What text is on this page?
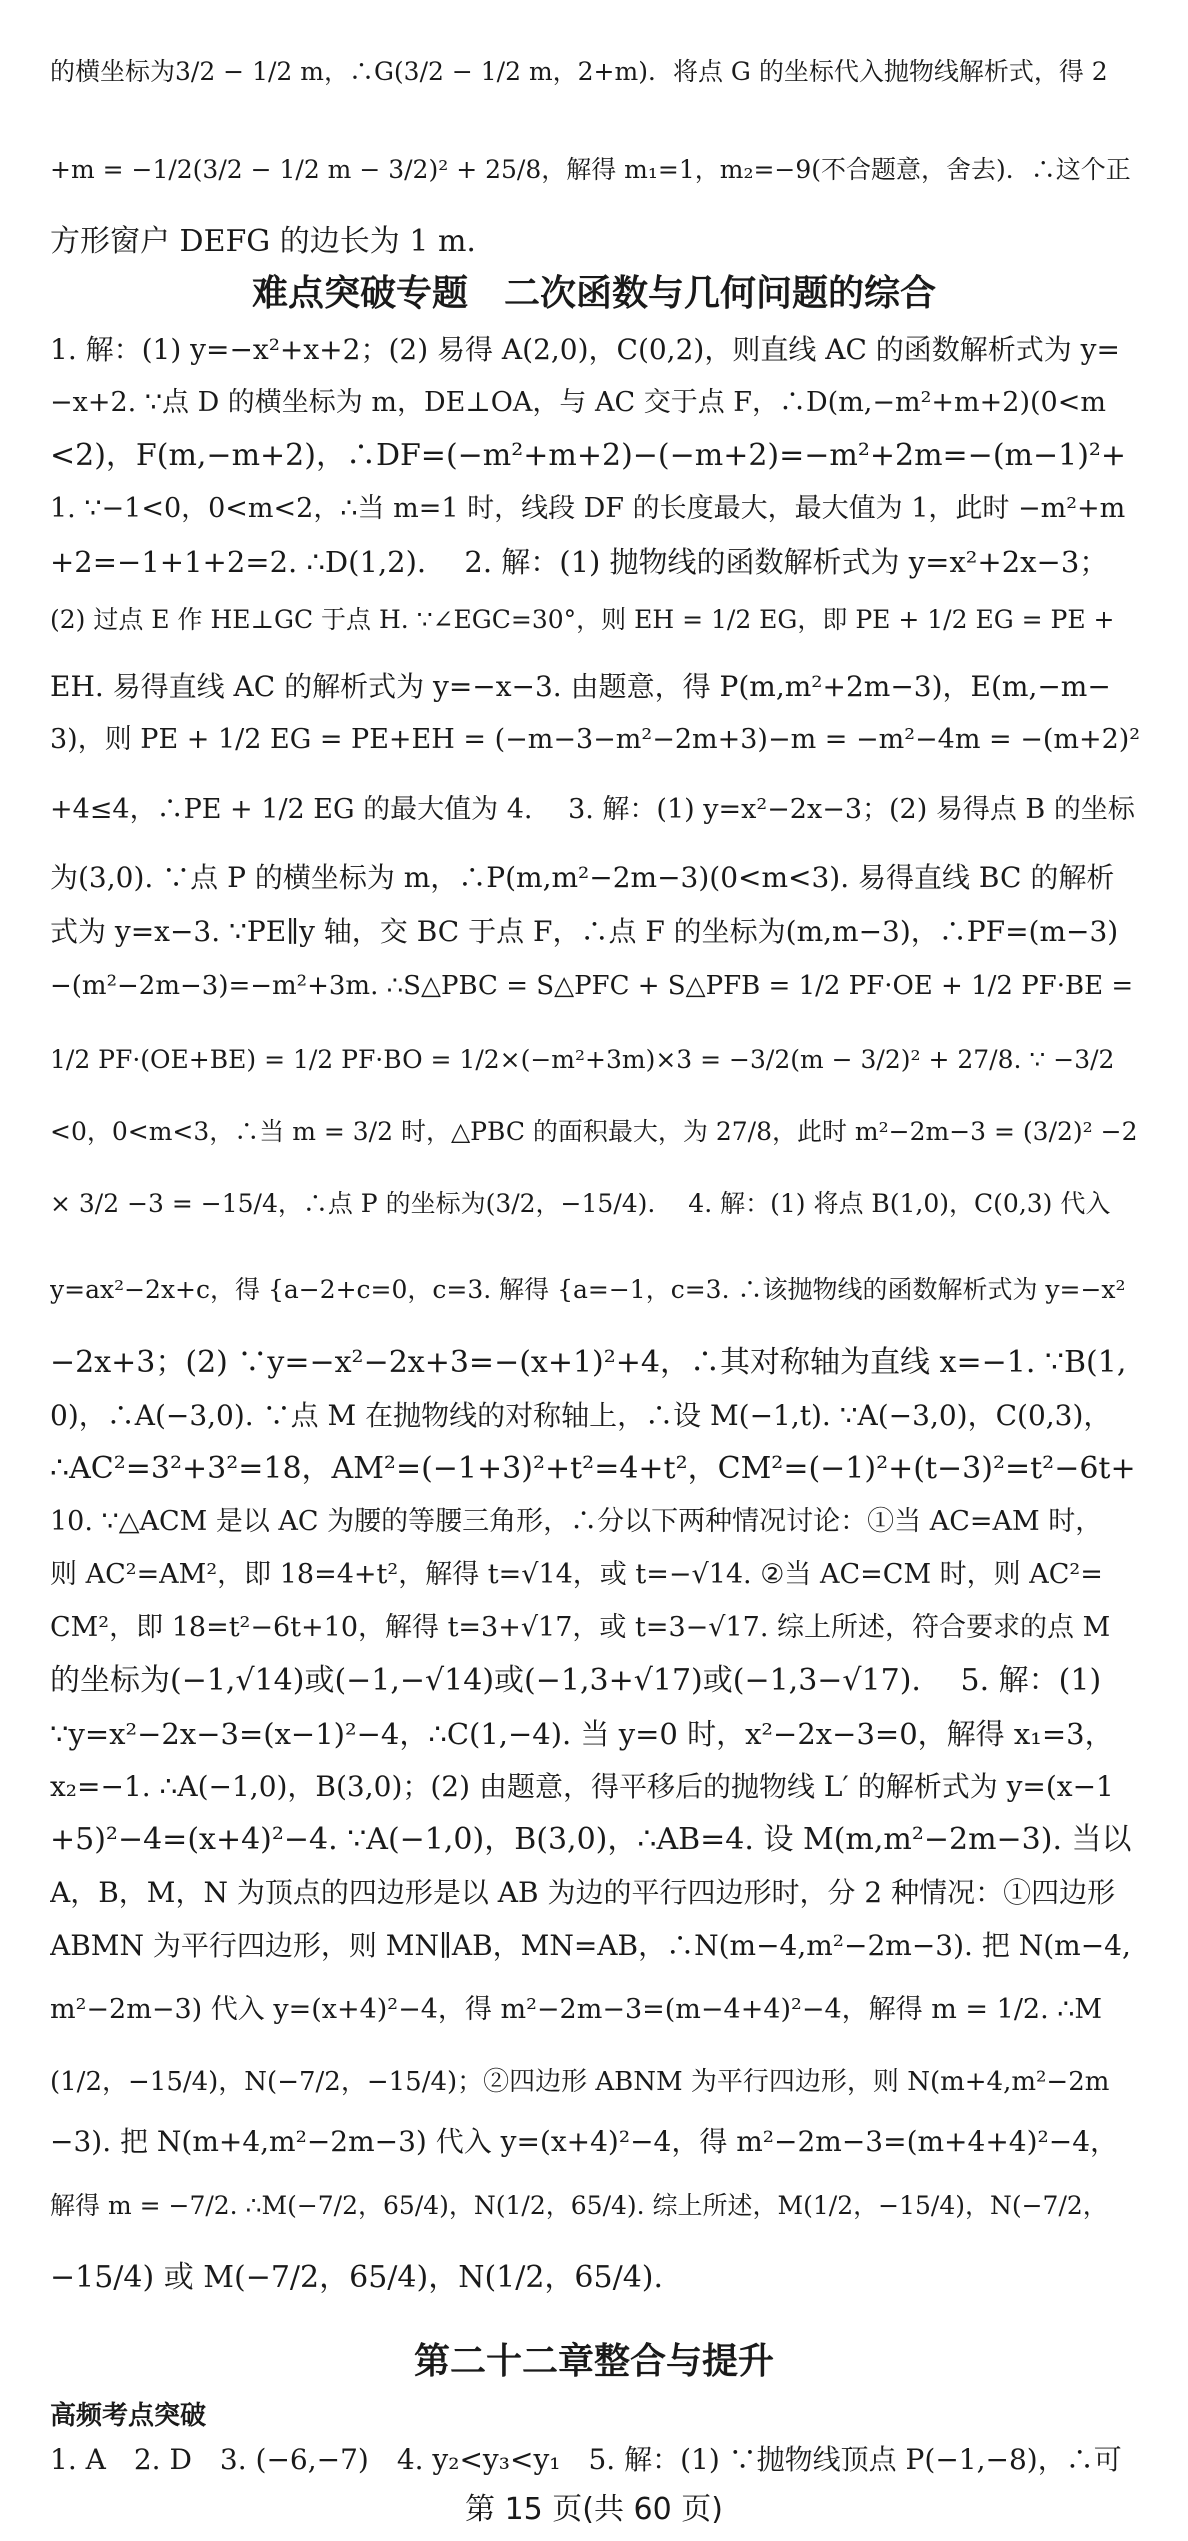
的横坐标为3/2 − 1/2 m，∴G(3/2 − 1/2 m，2+m)．将点 G 的坐标代入抛物线解析式，得 2
+m = −1/2(3/2 − 1/2 m − 3/2)² + 25/8，解得 m₁=1，m₂=−9(不合题意，舍去)．∴这个正
方形窗户 DEFG 的边长为 1 m.
难点突破专题　二次函数与几何问题的综合
1. 解：(1) y=−x²+x+2；(2) 易得 A(2,0)，C(0,2)，则直线 AC 的函数解析式为 y=
−x+2. ∵点 D 的横坐标为 m，DE⊥OA，与 AC 交于点 F，∴D(m,−m²+m+2)(0<m
<2)，F(m,−m+2)，∴DF=(−m²+m+2)−(−m+2)=−m²+2m=−(m−1)²+
1. ∵−1<0，0<m<2，∴当 m=1 时，线段 DF 的长度最大，最大值为 1，此时 −m²+m
+2=−1+1+2=2. ∴D(1,2).　 2. 解：(1) 抛物线的函数解析式为 y=x²+2x−3；
(2) 过点 E 作 HE⊥GC 于点 H. ∵∠EGC=30°，则 EH = 1/2 EG，即 PE + 1/2 EG = PE +
EH. 易得直线 AC 的解析式为 y=−x−3. 由题意，得 P(m,m²+2m−3)，E(m,−m−
3)，则 PE + 1/2 EG = PE+EH = (−m−3−m²−2m+3)−m = −m²−4m = −(m+2)²
+4≤4，∴PE + 1/2 EG 的最大值为 4.　 3. 解：(1) y=x²−2x−3；(2) 易得点 B 的坐标
为(3,0). ∵点 P 的横坐标为 m，∴P(m,m²−2m−3)(0<m<3). 易得直线 BC 的解析
式为 y=x−3. ∵PE∥y 轴，交 BC 于点 F，∴点 F 的坐标为(m,m−3)，∴PF=(m−3)
−(m²−2m−3)=−m²+3m. ∴S△PBC = S△PFC + S△PFB = 1/2 PF·OE + 1/2 PF·BE =
1/2 PF·(OE+BE) = 1/2 PF·BO = 1/2×(−m²+3m)×3 = −3/2(m − 3/2)² + 27/8. ∵ −3/2
<0，0<m<3，∴当 m = 3/2 时，△PBC 的面积最大，为 27/8，此时 m²−2m−3 = (3/2)² −2
× 3/2 −3 = −15/4，∴点 P 的坐标为(3/2，−15/4).　 4. 解：(1) 将点 B(1,0)，C(0,3) 代入
y=ax²−2x+c，得 {a−2+c=0，c=3. 解得 {a=−1，c=3. ∴该抛物线的函数解析式为 y=−x²
−2x+3；(2) ∵y=−x²−2x+3=−(x+1)²+4，∴其对称轴为直线 x=−1. ∵B(1,
0)，∴A(−3,0). ∵点 M 在抛物线的对称轴上，∴设 M(−1,t). ∵A(−3,0)，C(0,3)，
∴AC²=3²+3²=18，AM²=(−1+3)²+t²=4+t²，CM²=(−1)²+(t−3)²=t²−6t+
10. ∵△ACM 是以 AC 为腰的等腰三角形，∴分以下两种情况讨论：①当 AC=AM 时，
则 AC²=AM²，即 18=4+t²，解得 t=√14，或 t=−√14. ②当 AC=CM 时，则 AC²=
CM²，即 18=t²−6t+10，解得 t=3+√17，或 t=3−√17. 综上所述，符合要求的点 M
的坐标为(−1,√14)或(−1,−√14)或(−1,3+√17)或(−1,3−√17).　 5. 解：(1)
∵y=x²−2x−3=(x−1)²−4，∴C(1,−4). 当 y=0 时，x²−2x−3=0，解得 x₁=3，
x₂=−1. ∴A(−1,0)，B(3,0)；(2) 由题意，得平移后的抛物线 L′ 的解析式为 y=(x−1
+5)²−4=(x+4)²−4. ∵A(−1,0)，B(3,0)，∴AB=4. 设 M(m,m²−2m−3). 当以
A，B，M，N 为顶点的四边形是以 AB 为边的平行四边形时，分 2 种情况：①四边形
ABMN 为平行四边形，则 MN∥AB，MN=AB，∴N(m−4,m²−2m−3). 把 N(m−4,
m²−2m−3) 代入 y=(x+4)²−4，得 m²−2m−3=(m−4+4)²−4，解得 m = 1/2. ∴M
(1/2，−15/4)，N(−7/2，−15/4)；②四边形 ABNM 为平行四边形，则 N(m+4,m²−2m
−3). 把 N(m+4,m²−2m−3) 代入 y=(x+4)²−4，得 m²−2m−3=(m+4+4)²−4，
解得 m = −7/2. ∴M(−7/2，65/4)，N(1/2，65/4). 综上所述，M(1/2，−15/4)，N(−7/2，
−15/4) 或 M(−7/2，65/4)，N(1/2，65/4).
第二十二章整合与提升
高频考点突破
1. A　2. D　3. (−6,−7)　4. y₂<y₃<y₁　5. 解：(1) ∵抛物线顶点 P(−1,−8)，∴可
第 15 页(共 60 页)
